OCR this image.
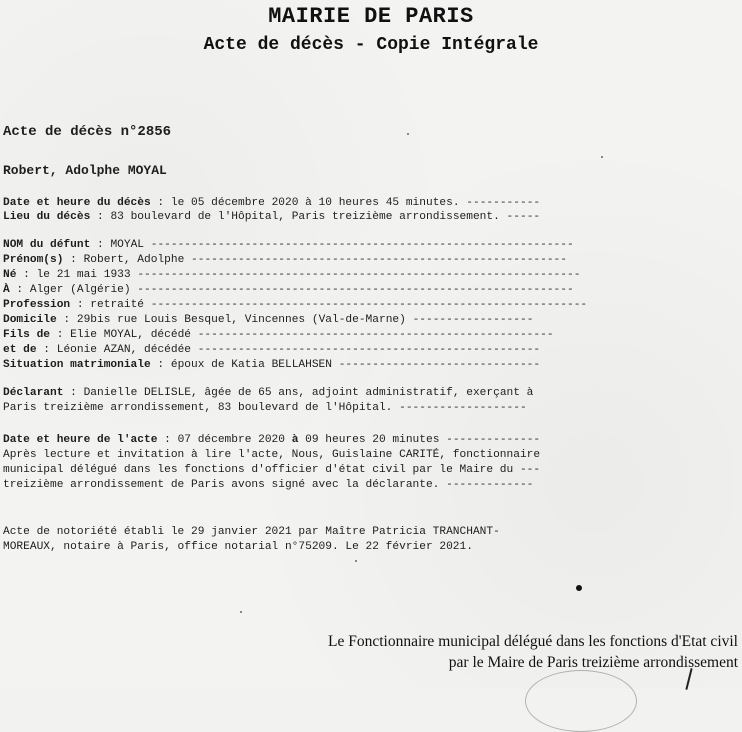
MAIRIE DE PARIS
Acte de décès - Copie Intégrale
Acte de décès n°2856
Robert, Adolphe MOYAL
Date et heure du décès : le 05 décembre 2020 à 10 heures 45 minutes. -----------
Lieu du décès : 83 boulevard de l'Hôpital, Paris treizième arrondissement. -----
NOM du défunt : MOYAL ---------------------------------------------------------------
Prénom(s) : Robert, Adolphe --------------------------------------------------------
Né : le 21 mai 1933 ------------------------------------------------------------------
À : Alger (Algérie) -----------------------------------------------------------------
Profession : retraité -----------------------------------------------------------------
Domicile : 29bis rue Louis Besquel, Vincennes (Val-de-Marne) ------------------
Fils de : Elie MOYAL, décédé -----------------------------------------------------
et de : Léonie AZAN, décédée ---------------------------------------------------
Situation matrimoniale : époux de Katia BELLAHSEN ------------------------------
Déclarant : Danielle DELISLE, âgée de 65 ans, adjoint administratif, exerçant à
Paris treizième arrondissement, 83 boulevard de l'Hôpital. -------------------
Date et heure de l'acte : 07 décembre 2020 à 09 heures 20 minutes --------------
Après lecture et invitation à lire l'acte, Nous, Guislaine CARITÉ, fonctionnaire
municipal délégué dans les fonctions d'officier d'état civil par le Maire du ---
treizième arrondissement de Paris avons signé avec la déclarante. -------------
Acte de notoriété établi le 29 janvier 2021 par Maître Patricia TRANCHANT-
MOREAUX, notaire à Paris, office notarial n°75209. Le 22 février 2021.
Le Fonctionnaire municipal délégué dans les fonctions d'Etat civil
par le Maire de Paris treizième arrondissement
